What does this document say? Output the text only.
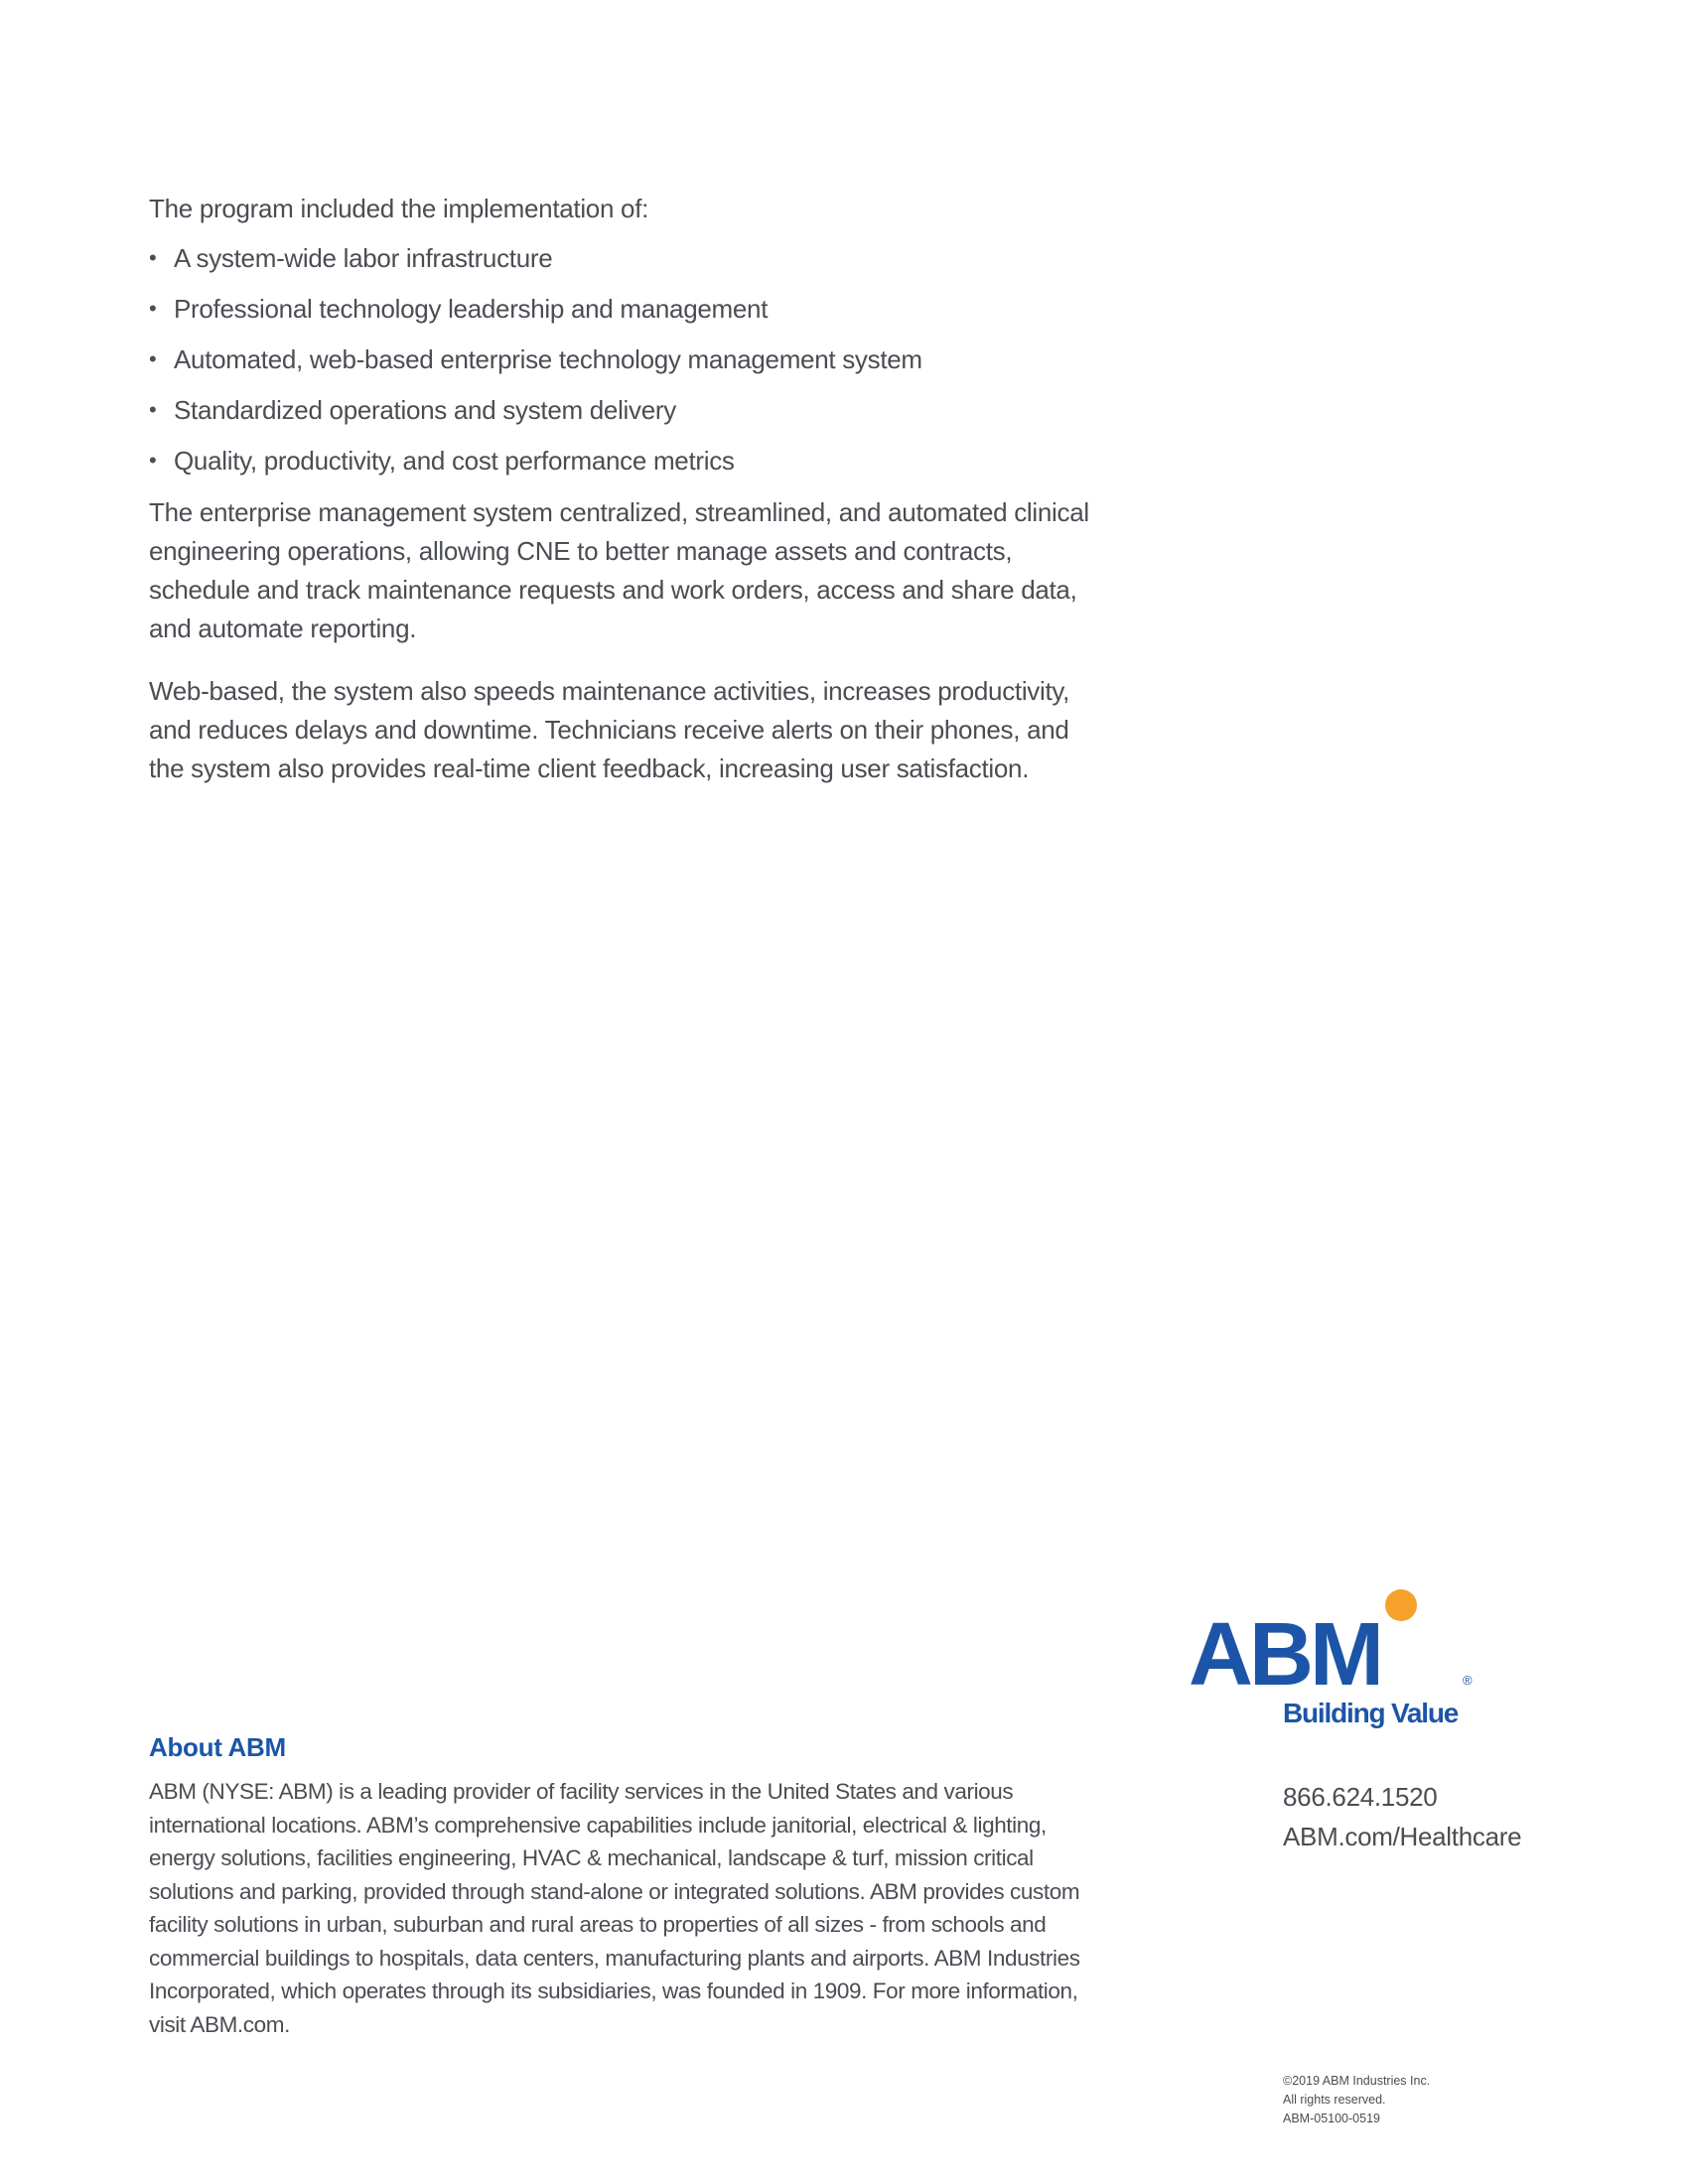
The program included the implementation of:

• A system-wide labor infrastructure
• Professional technology leadership and management
• Automated, web-based enterprise technology management system
• Standardized operations and system delivery
• Quality, productivity, and cost performance metrics

The enterprise management system centralized, streamlined, and automated clinical engineering operations, allowing CNE to better manage assets and contracts, schedule and track maintenance requests and work orders, access and share data, and automate reporting.

Web-based, the system also speeds maintenance activities, increases productivity, and reduces delays and downtime. Technicians receive alerts on their phones, and the system also provides real-time client feedback, increasing user satisfaction.

About ABM

ABM (NYSE: ABM) is a leading provider of facility services in the United States and various international locations. ABM’s comprehensive capabilities include janitorial, electrical & lighting, energy solutions, facilities engineering, HVAC & mechanical, landscape & turf, mission critical solutions and parking, provided through stand-alone or integrated solutions. ABM provides custom facility solutions in urban, suburban and rural areas to properties of all sizes - from schools and commercial buildings to hospitals, data centers, manufacturing plants and airports. ABM Industries Incorporated, which operates through its subsidiaries, was founded in 1909. For more information, visit ABM.com.

ABM	®
Building Value
866.624.1520
ABM.com/Healthcare
©2019 ABM Industries Inc.
All rights reserved.
ABM-05100-0519
